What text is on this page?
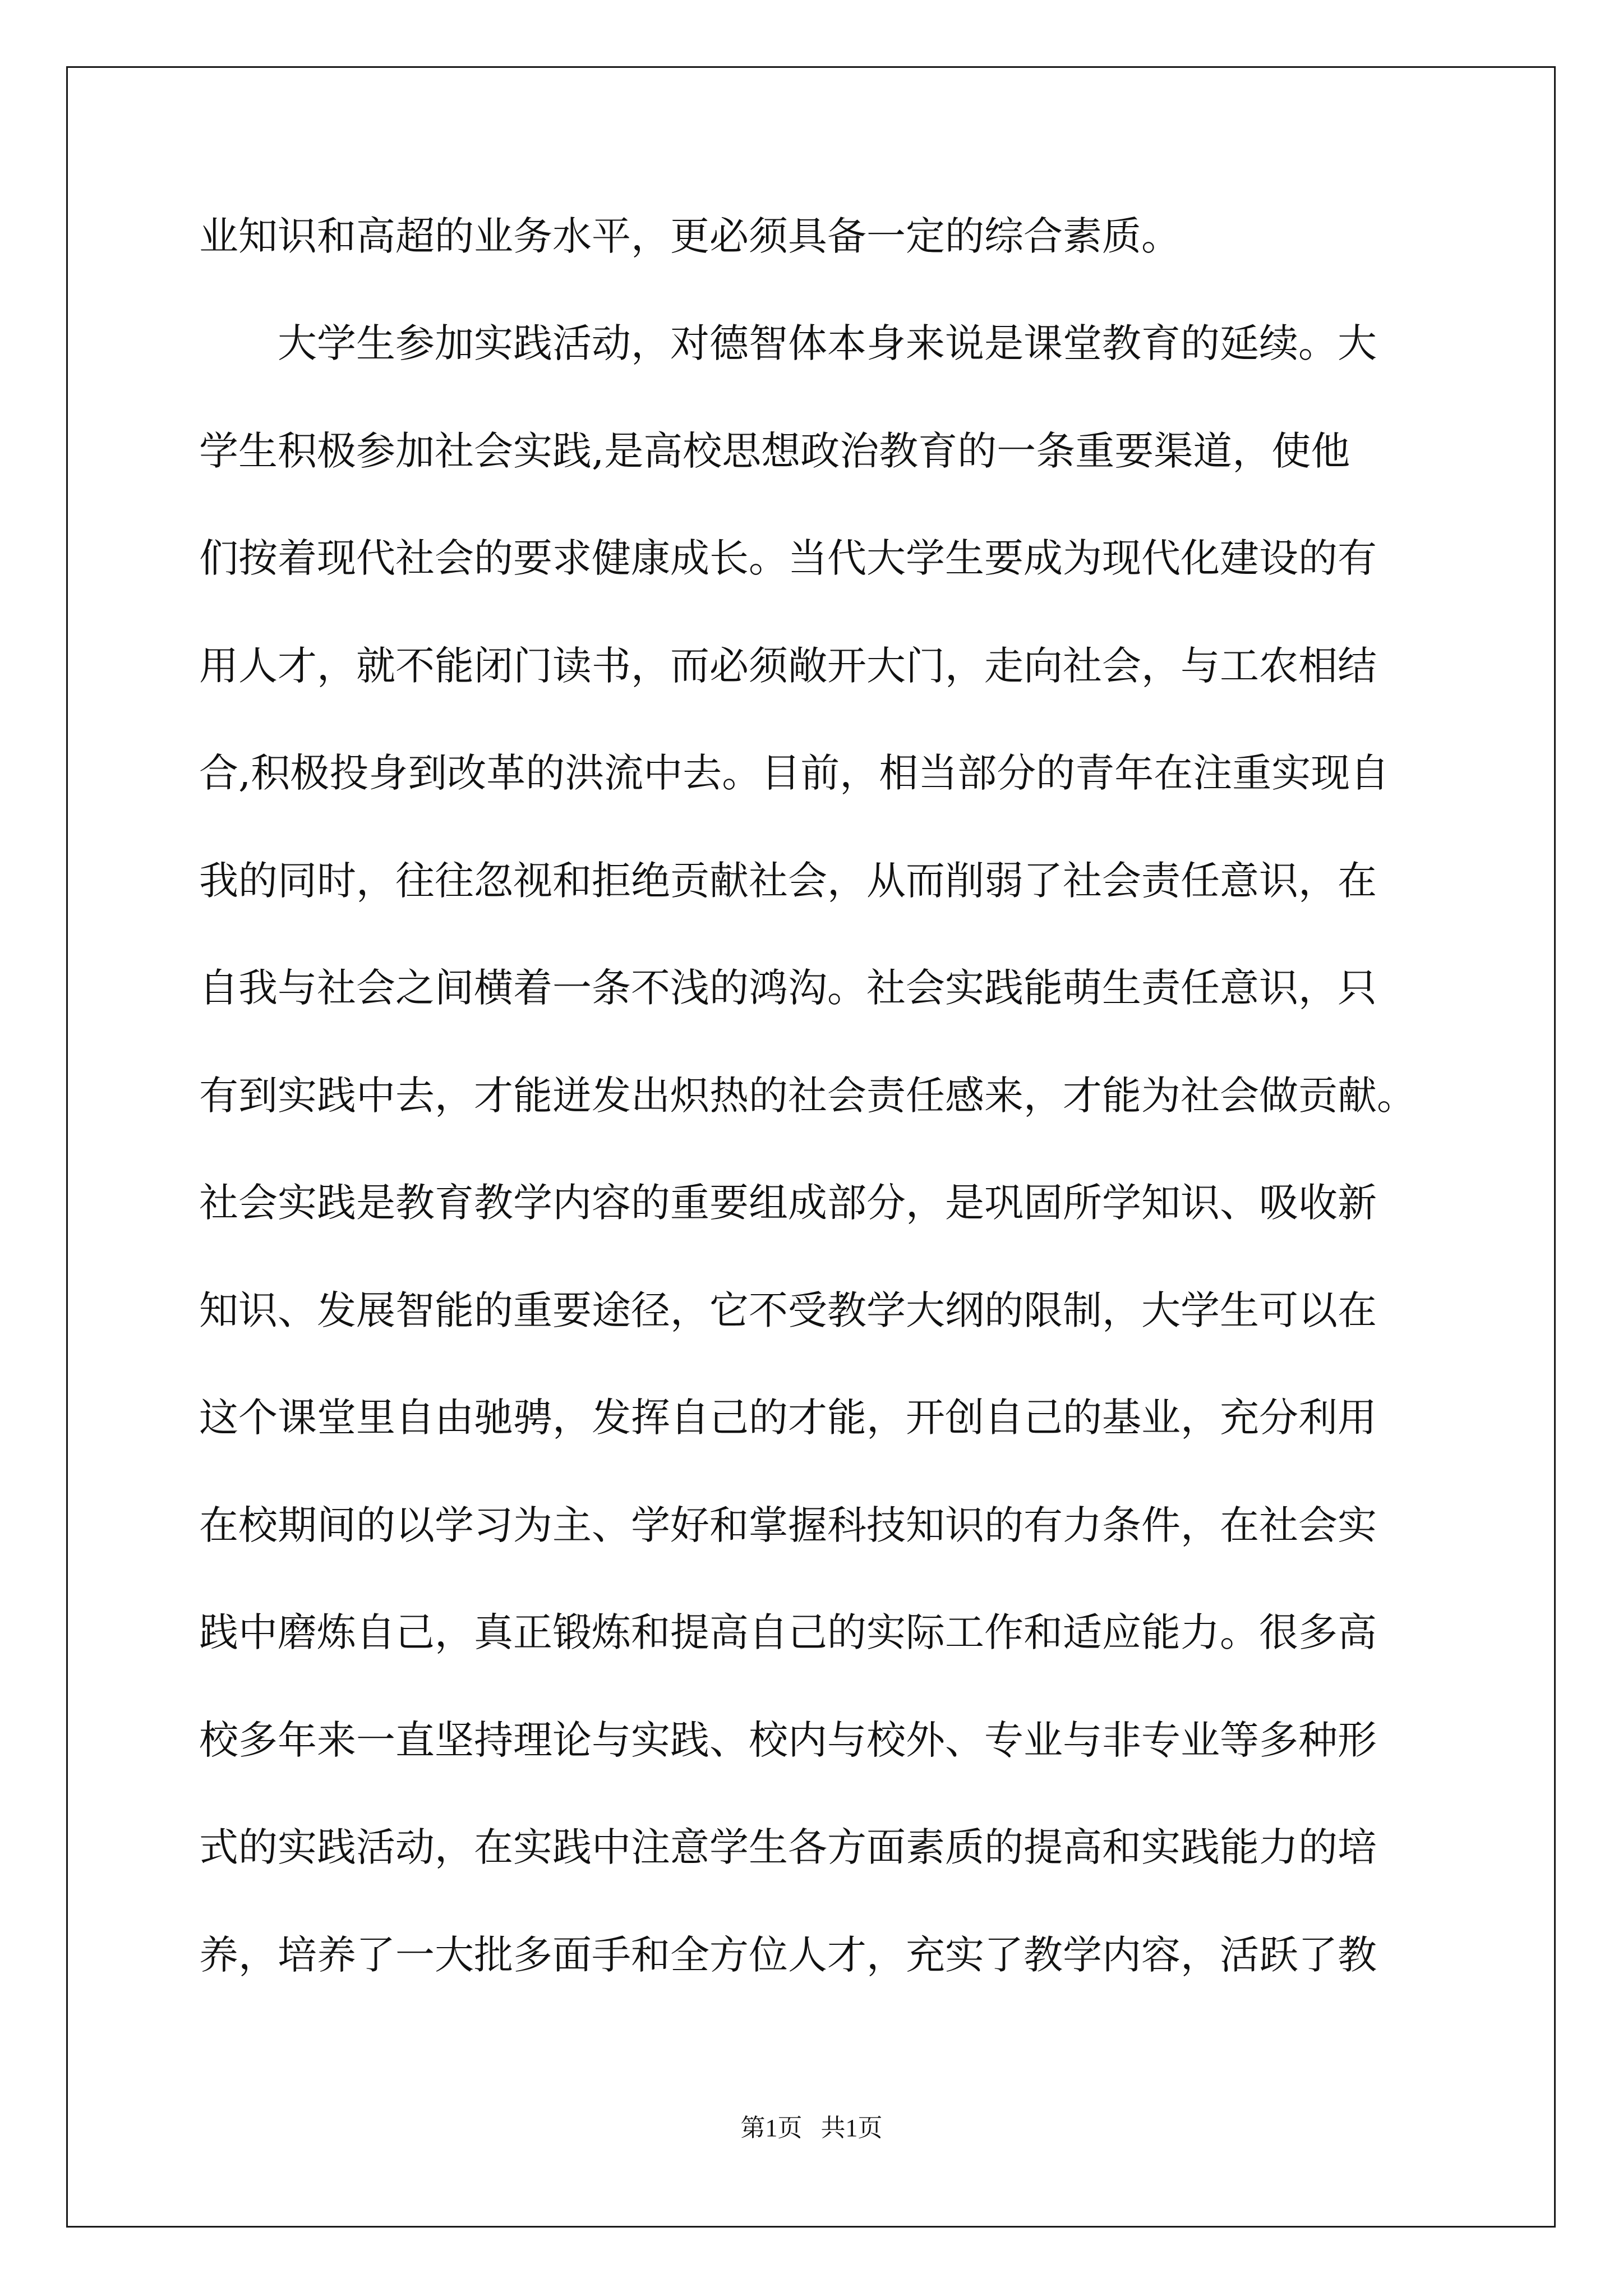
业知识和高超的业务水平，更必须具备一定的综合素质。

大学生参加实践活动，对德智体本身来说是课堂教育的延续。大

学生积极参加社会实践,是高校思想政治教育的一条重要渠道，使他

们按着现代社会的要求健康成长。当代大学生要成为现代化建设的有

用人才，就不能闭门读书，而必须敞开大门，走向社会，与工农相结

合,积极投身到改革的洪流中去。目前，相当部分的青年在注重实现自

我的同时，往往忽视和拒绝贡献社会，从而削弱了社会责任意识，在

自我与社会之间横着一条不浅的鸿沟。社会实践能萌生责任意识，只

有到实践中去，才能迸发出炽热的社会责任感来，才能为社会做贡献。

社会实践是教育教学内容的重要组成部分，是巩固所学知识、吸收新

知识、发展智能的重要途径，它不受教学大纲的限制，大学生可以在

这个课堂里自由驰骋，发挥自己的才能，开创自己的基业，充分利用

在校期间的以学习为主、学好和掌握科技知识的有力条件，在社会实

践中磨炼自己，真正锻炼和提高自己的实际工作和适应能力。很多高

校多年来一直坚持理论与实践、校内与校外、专业与非专业等多种形

式的实践活动，在实践中注意学生各方面素质的提高和实践能力的培

养，培养了一大批多面手和全方位人才，充实了教学内容，活跃了教

第1页   共1页
